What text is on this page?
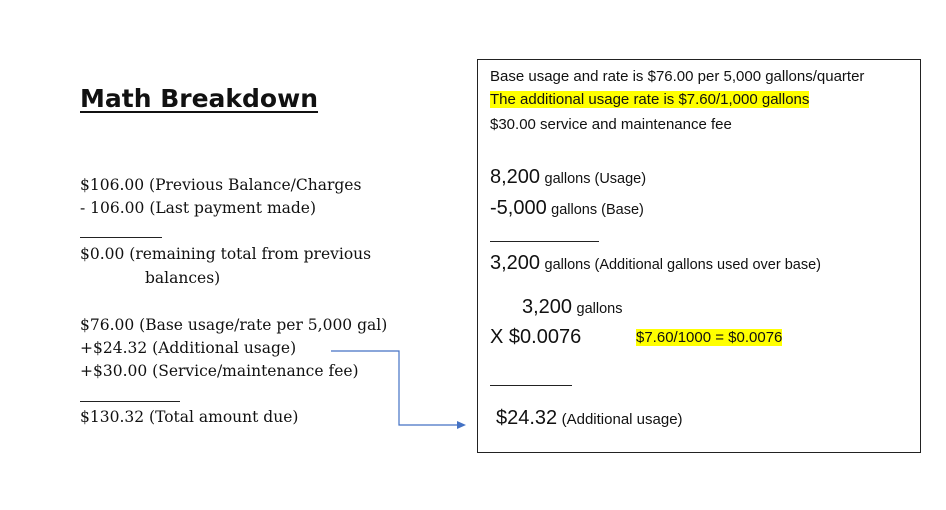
Math Breakdown
$106.00 (Previous Balance/Charges
- 106.00 (Last payment made)
$0.00 (remaining total from previous
balances)
$76.00 (Base usage/rate per 5,000 gal)
+$24.32 (Additional usage)
+$30.00 (Service/maintenance fee)
$130.32 (Total amount due)
Base usage and rate is $76.00 per 5,000 gallons/quarter
The additional usage rate is $7.60/1,000 gallons
$30.00 service and maintenance fee
8,200 gallons (Usage)
-5,000 gallons (Base)
3,200 gallons (Additional gallons used over base)
3,200 gallons
X $0.0076	$7.60/1000 = $0.0076
$24.32 (Additional usage)
